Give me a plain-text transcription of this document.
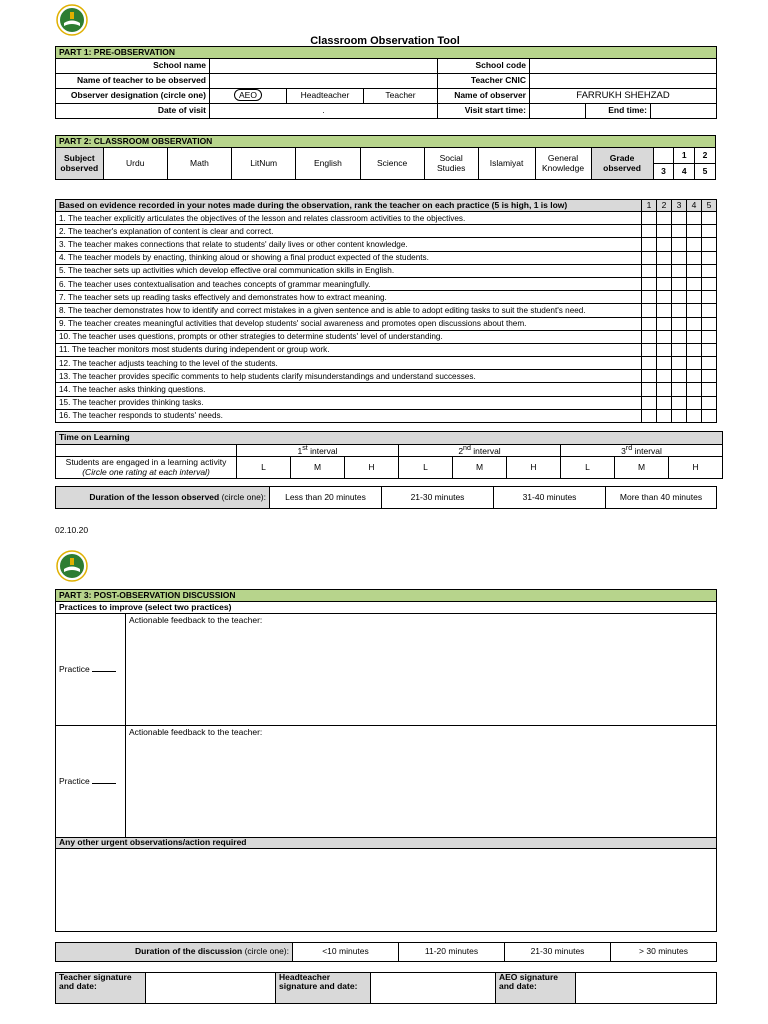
Classroom Observation Tool
PART 1: PRE-OBSERVATION							
School name				School code			
Name of teacher to be observed				Teacher CNIC			
Observer designation (circle one)	AEO	Headteacher	Teacher	Name of observer	FARRUKH SHEHZAD		
Date of visit	.			Visit start time:		End time:	
PART 2: CLASSROOM OBSERVATION												
Subject observed	Urdu	Math	LitNum	English	Science	Social Studies	Islamiyat	General Knowledge	Grade observed		1	2
										3	4	5
Based on evidence recorded in your notes made during the observation, rank the teacher on each practice (5 is high, 1 is low)	1	2	3	4	5
1. The teacher explicitly articulates the objectives of the lesson and relates classroom activities to the objectives.					
2. The teacher's explanation of content is clear and correct.					
3. The teacher makes connections that relate to students' daily lives or other content knowledge.					
4. The teacher models by enacting, thinking aloud or showing a final product expected of the students.					
5. The teacher sets up activities which develop effective oral communication skills in English.					
6. The teacher uses contextualisation and teaches concepts of grammar meaningfully.					
7. The teacher sets up reading tasks effectively and demonstrates how to extract meaning.					
8. The teacher demonstrates how to identify and correct mistakes in a given sentence and is able to adopt editing tasks to suit the student's need.					
9. The teacher creates meaningful activities that develop students' social awareness and promotes open discussions about them.					
10. The teacher uses questions, prompts or other strategies to determine students' level of understanding.					
11. The teacher monitors most students during independent or group work.					
12. The teacher adjusts teaching to the level of the students.					
13. The teacher provides specific comments to help students clarify misunderstandings and understand successes.					
14. The teacher asks thinking questions.					
15. The teacher provides thinking tasks.					
16. The teacher responds to students' needs.					
Time on Learning									
	1st interval			2nd interval			3rd interval		

Students are engaged in a learning activity
(Circle one rating at each interval)	L	M	H	L	M	H	L	M	H
Duration of the lesson observed (circle one):	Less than 20 minutes	21-30 minutes	31-40 minutes	More than 40 minutes
02.10.20
PART 3: POST-OBSERVATION DISCUSSION	
Practices to improve (select two practices)	
Practice	Actionable feedback to the teacher:
Practice	Actionable feedback to the teacher:
Any other urgent observations/action required	

Duration of the discussion (circle one):	<10 minutes	11-20 minutes	21-30 minutes	> 30 minutes
Teacher signature and date:		Headteacher signature and date:		AEO signature and date:	
